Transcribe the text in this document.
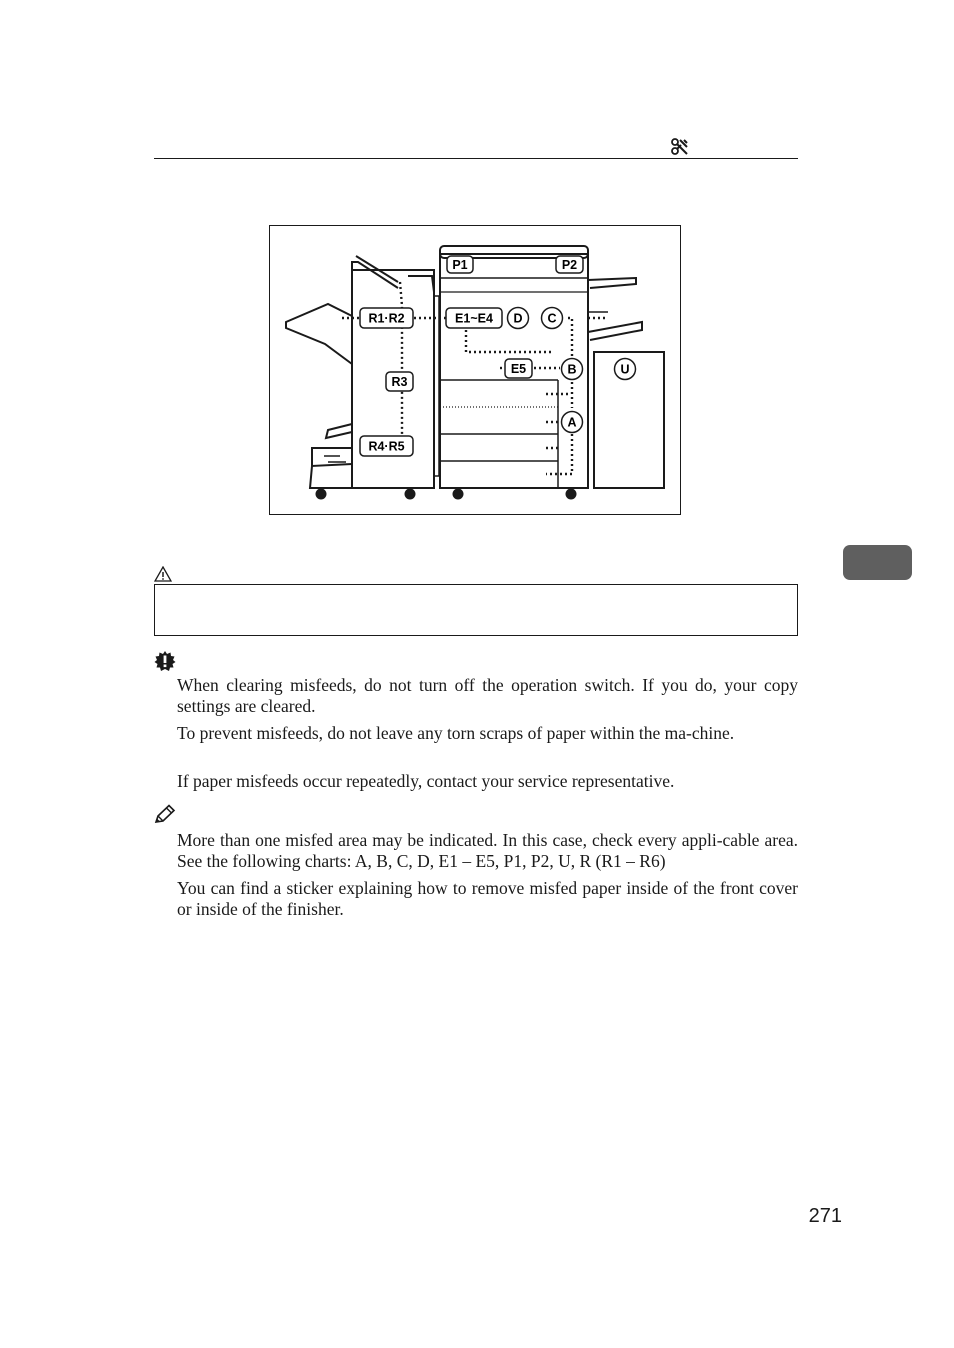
P1	P2
R1·R2
R3
R4·R5
E1~E4
E5
D C
B	U
A

When clearing misfeeds, do not turn off the operation switch. If you do, your copy settings are cleared.

To prevent misfeeds, do not leave any torn scraps of paper within the ma-chine.

If paper misfeeds occur repeatedly, contact your service representative.

More than one misfed area may be indicated. In this case, check every appli-cable area. See the following charts: A, B, C, D, E1 – E5, P1, P2, U, R (R1 – R6)

You can find a sticker explaining how to remove misfed paper inside of the front cover or inside of the finisher.

271
